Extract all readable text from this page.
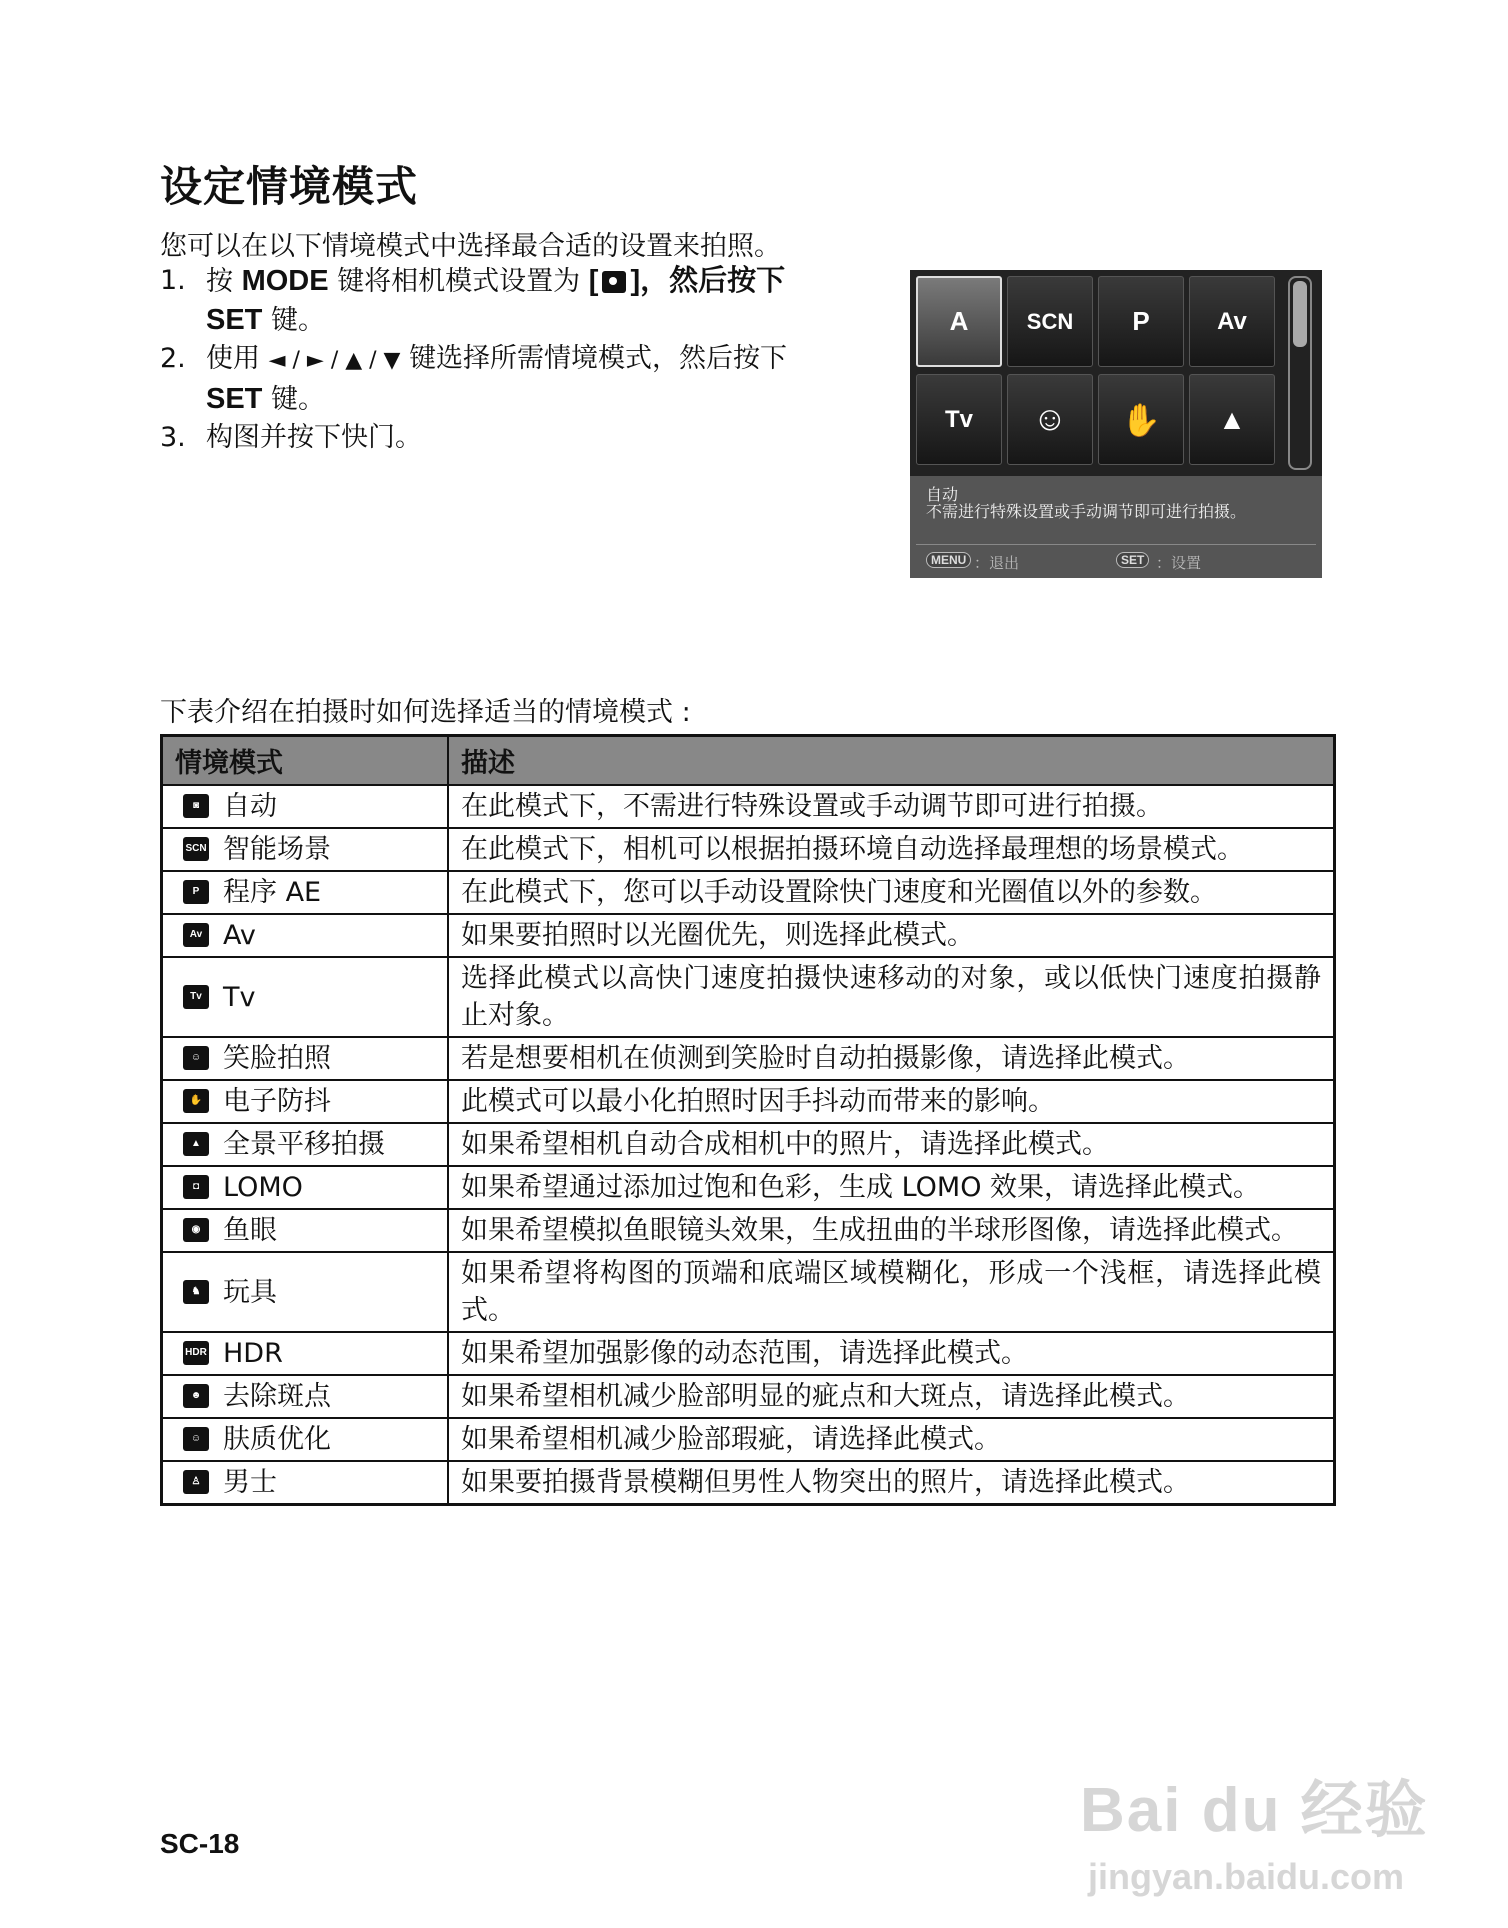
设定情境模式
您可以在以下情境模式中选择最合适的设置来拍照。
1. 按 MODE 键将相机模式设置为 [ ]，然后按下
SET 键。
2. 使用 ◄ / ► / ▲ / ▼ 键选择所需情境模式，然后按下
SET 键。
3. 构图并按下快门。
A	SCN P	Av
Tv ☺ ✋ ▲
自动
不需进行特殊设置或手动调节即可进行拍摄。
MENU ：退出	SET ：设置
下表介绍在拍摄时如何选择适当的情境模式 :
情境模式	描述
◙ 自动	在此模式下，不需进行特殊设置或手动调节即可进行拍摄。
SCN 智能场景	在此模式下，相机可以根据拍摄环境自动选择最理想的场景模式。
P 程序 AE	在此模式下，您可以手动设置除快门速度和光圈值以外的参数。
Av Av	如果要拍照时以光圈优先，则选择此模式。
Tv Tv	选择此模式以高快门速度拍摄快速移动的对象，或以低快门速度拍摄静止对象。
☺ 笑脸拍照	若是想要相机在侦测到笑脸时自动拍摄影像，请选择此模式。
✋ 电子防抖	此模式可以最小化拍照时因手抖动而带来的影响。
▲ 全景平移拍摄	如果希望相机自动合成相机中的照片，请选择此模式。
◘ LOMO	如果希望通过添加过饱和色彩，生成 LOMO 效果，请选择此模式。
◉ 鱼眼	如果希望模拟鱼眼镜头效果，生成扭曲的半球形图像，请选择此模式。
♞ 玩具	如果希望将构图的顶端和底端区域模糊化，形成一个浅框，请选择此模式。
HDR HDR	如果希望加强影像的动态范围，请选择此模式。
☻ 去除斑点	如果希望相机减少脸部明显的疵点和大斑点，请选择此模式。
☺ 肤质优化	如果希望相机减少脸部瑕疵，请选择此模式。
♙ 男士	如果要拍摄背景模糊但男性人物突出的照片，请选择此模式。
SC-18	Bai du 经验
jingyan.baidu.com
